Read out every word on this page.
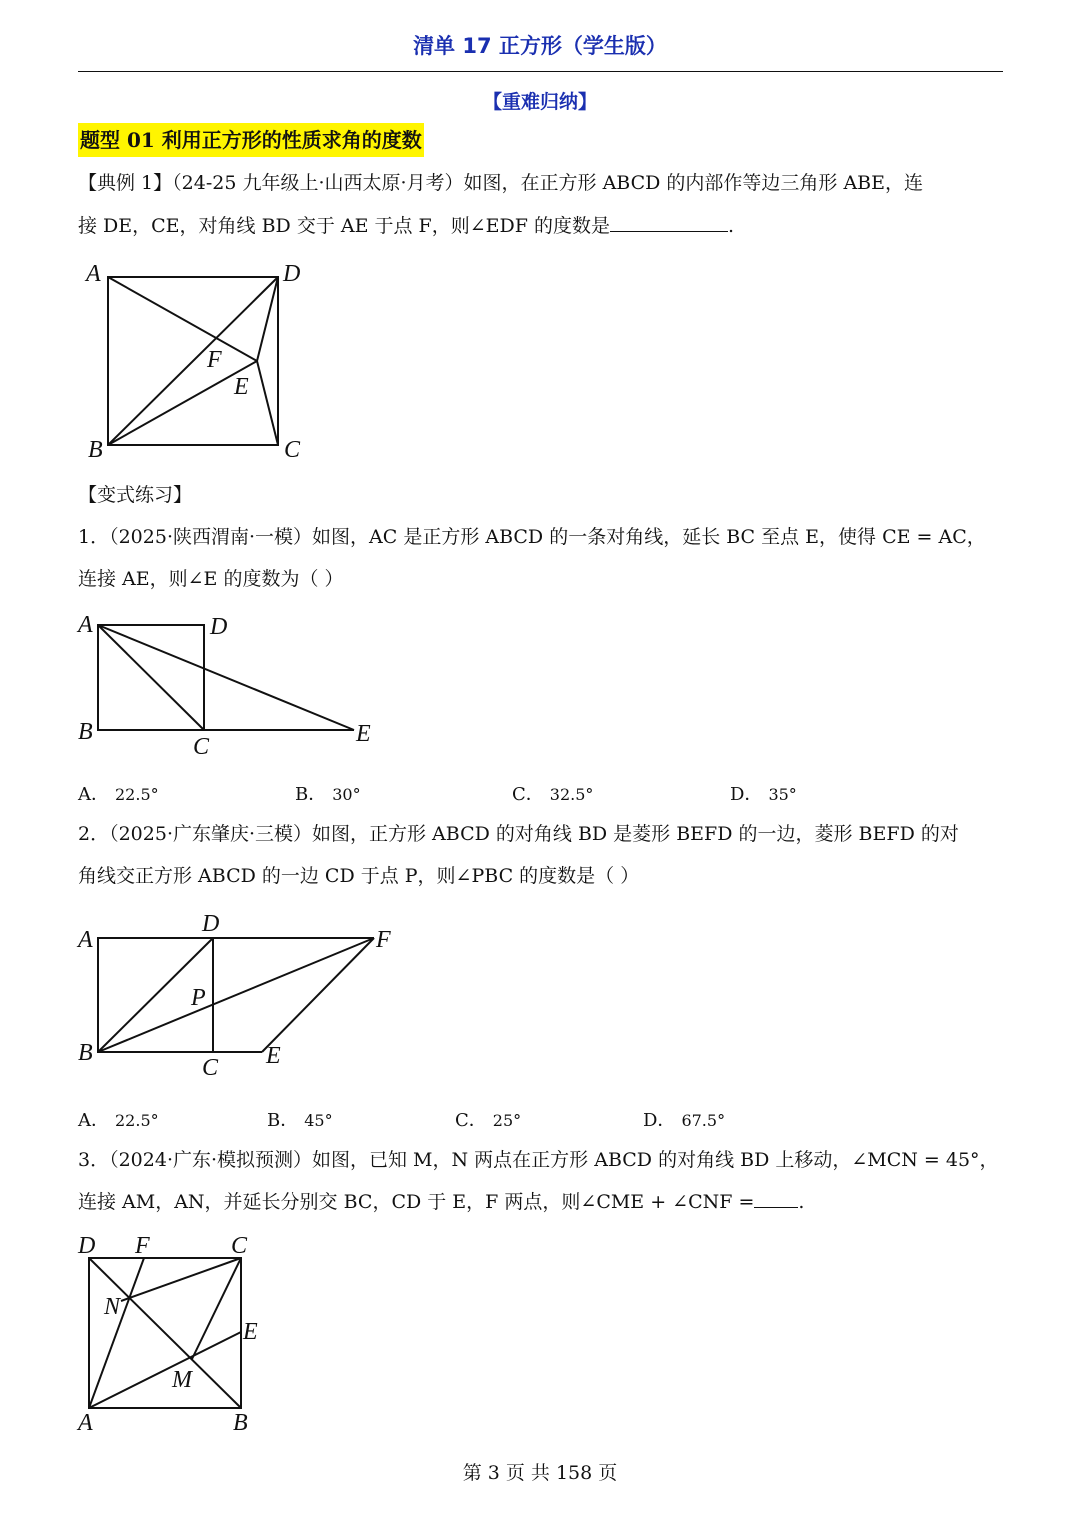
清单 17 正方形（学生版）
【重难归纳】
题型 01 利用正方形的性质求角的度数
【典例 1】（24-25 九年级上·山西太原·月考）如图，在正方形 ABCD 的内部作等边三角形 ABE，连
接 DE，CE，对角线 BD 交于 AE 于点 F，则∠EDF 的度数是	.
A	D
F
E
B	C
【变式练习】
1．（2025·陕西渭南·一模）如图，AC 是正方形 ABCD 的一条对角线，延长 BC 至点 E，使得 CE = AC，
连接 AE，则∠E 的度数为（ ）
A	D
B
C	E
A． 22.5°	B． 30°	C． 32.5°	D． 35°
2．（2025·广东肇庆·三模）如图，正方形 ABCD 的对角线 BD 是菱形 BEFD 的一边，菱形 BEFD 的对
角线交正方形 ABCD 的一边 CD 于点 P，则∠PBC 的度数是（ ）
A
D
F
P
B
C E
A． 22.5°	B． 45°	C． 25°	D． 67.5°
3．（2024·广东·模拟预测）如图，已知 M，N 两点在正方形 ABCD 的对角线 BD 上移动，∠MCN = 45°，
连接 AM，AN，并延长分别交 BC，CD 于 E，F 两点，则∠CME + ∠CNF = .
D F	C
N
E
M
A	B
第 3 页 共 158 页
